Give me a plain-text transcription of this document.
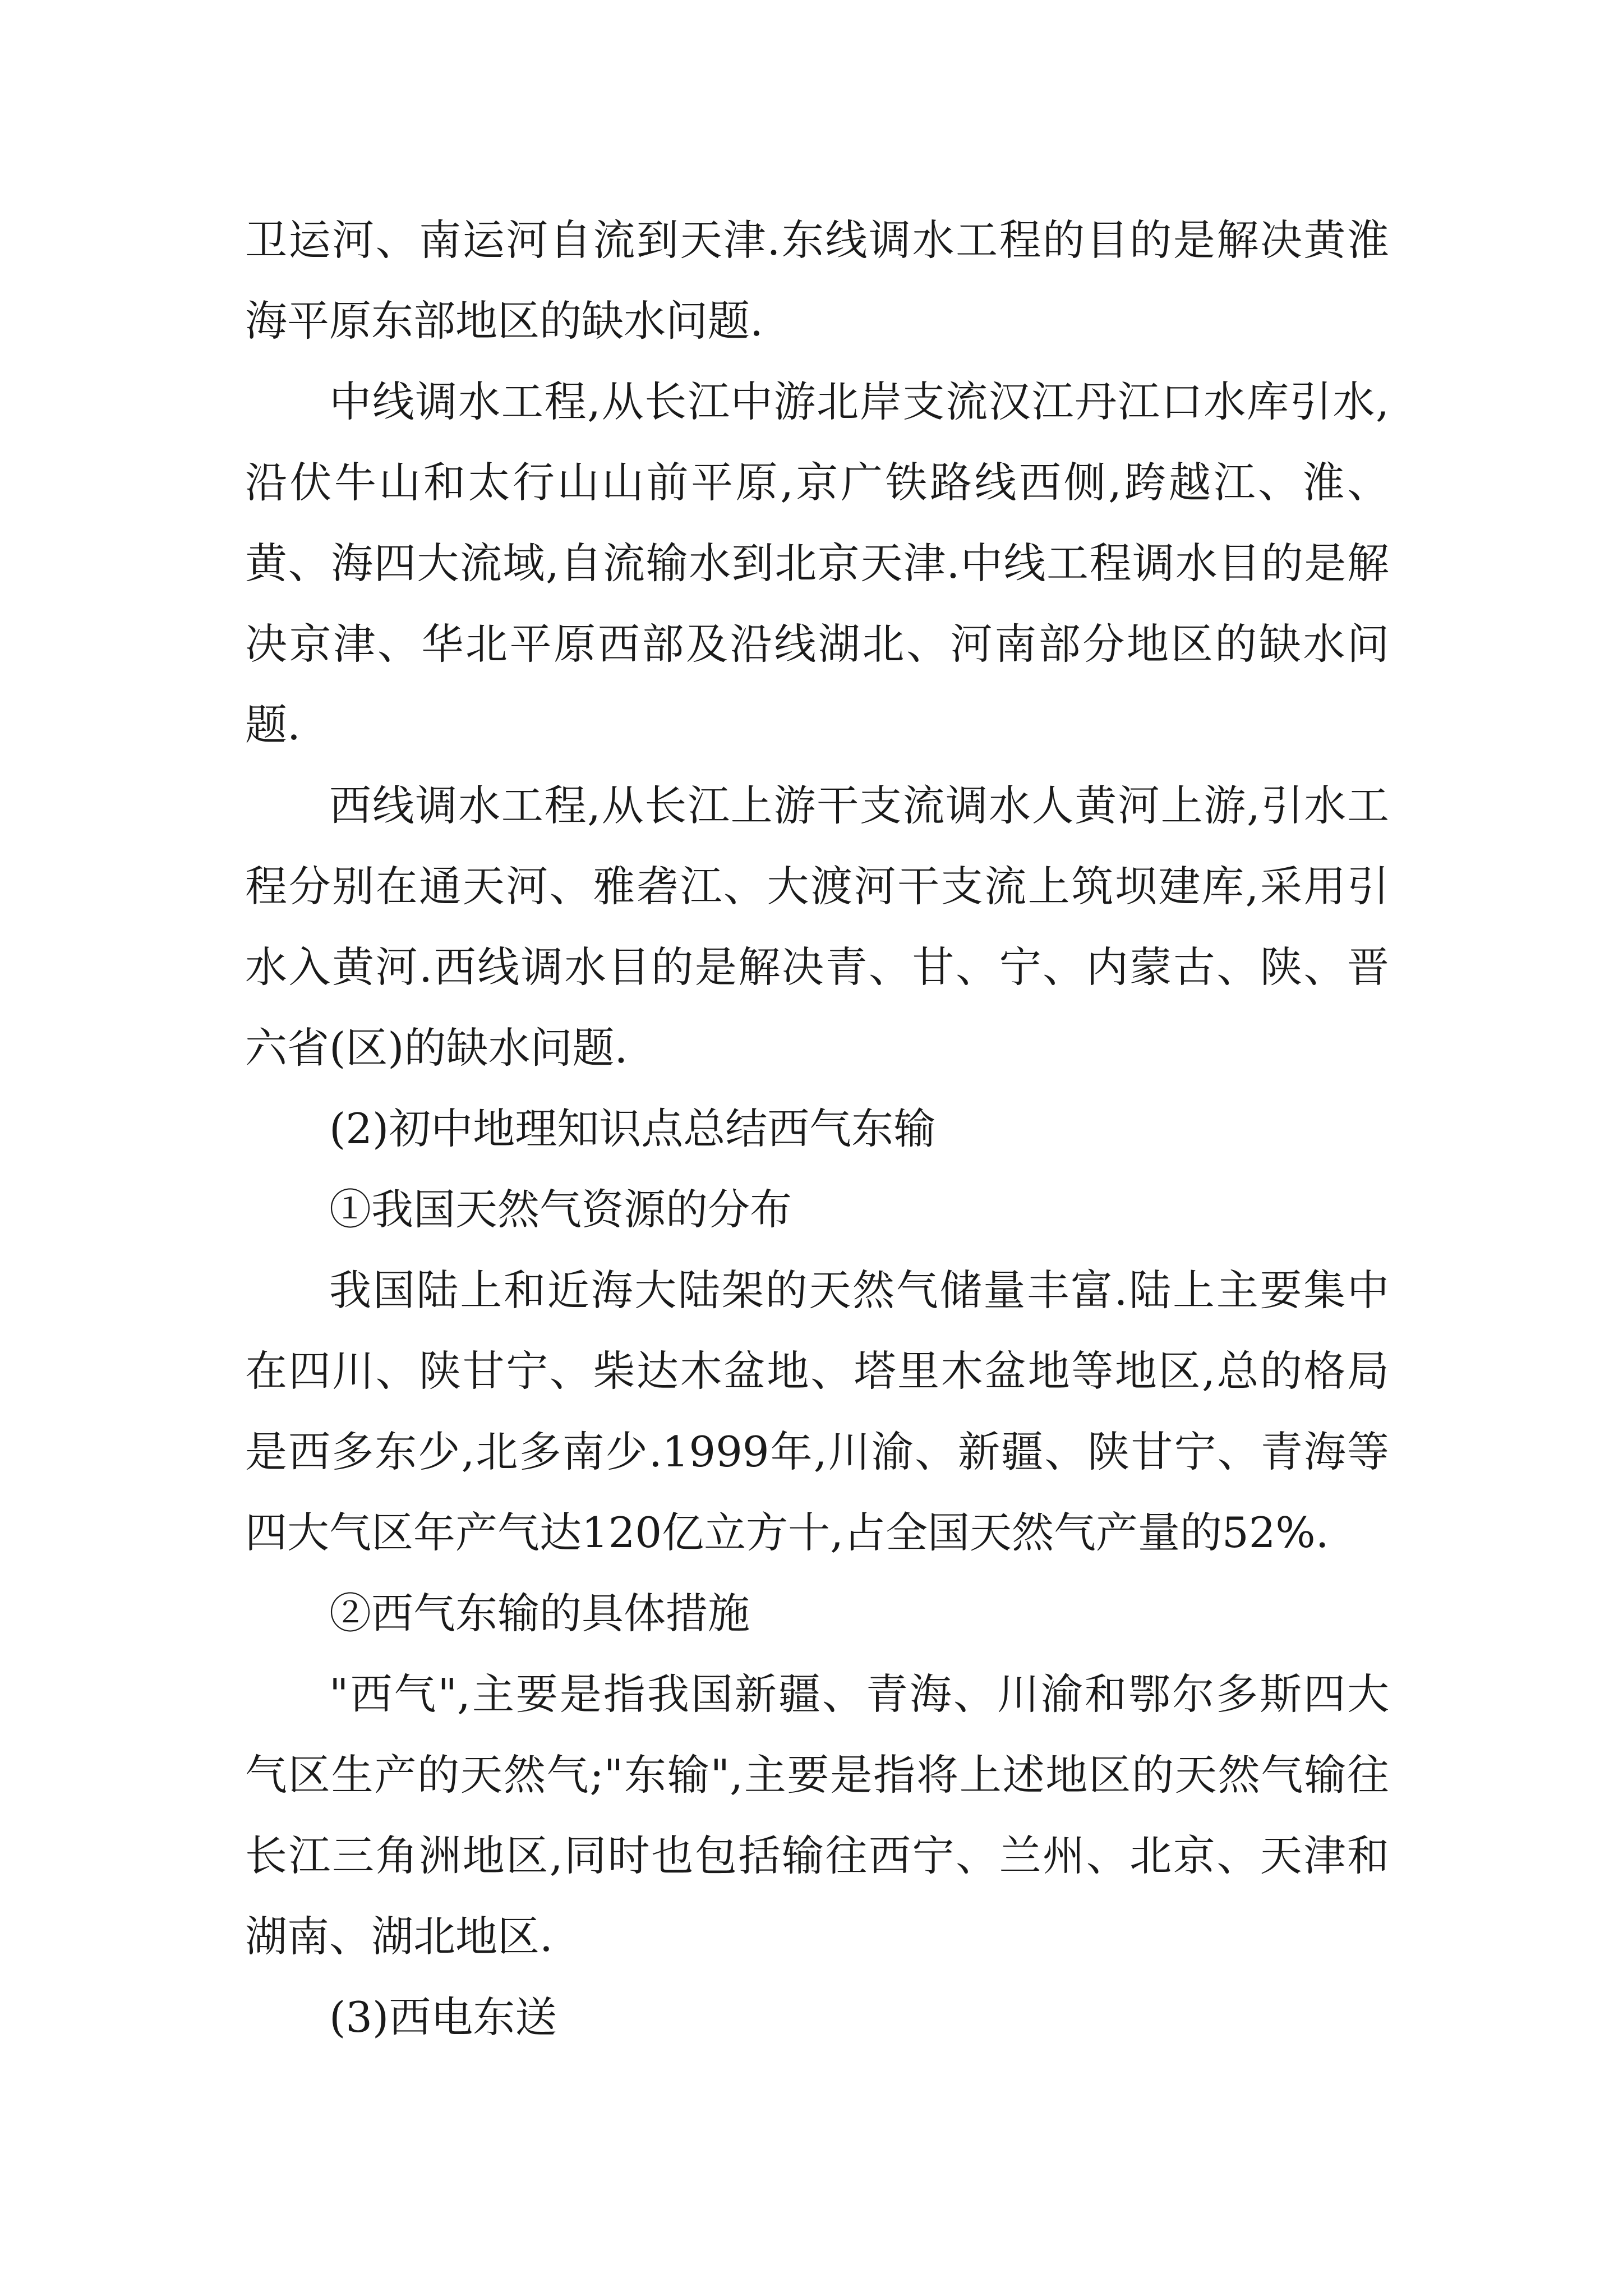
卫运河、南运河自流到天津.东线调水工程的目的是解决黄淮海平原东部地区的缺水问题.

中线调水工程,从长江中游北岸支流汉江丹江口水库引水,沿伏牛山和太行山山前平原,京广铁路线西侧,跨越江、淮、黄、海四大流域,自流输水到北京天津.中线工程调水目的是解决京津、华北平原西部及沿线湖北、河南部分地区的缺水问题.

西线调水工程,从长江上游干支流调水人黄河上游,引水工程分别在通天河、雅砻江、大渡河干支流上筑坝建库,采用引水入黄河.西线调水目的是解决青、甘、宁、内蒙古、陕、晋六省(区)的缺水问题.

(2)初中地理知识点总结西气东输

①我国天然气资源的分布

我国陆上和近海大陆架的天然气储量丰富.陆上主要集中在四川、陕甘宁、柴达木盆地、塔里木盆地等地区,总的格局是西多东少,北多南少.1999年,川渝、新疆、陕甘宁、青海等四大气区年产气达120亿立方十,占全国天然气产量的52%.

②西气东输的具体措施

"西气",主要是指我国新疆、青海、川渝和鄂尔多斯四大气区生产的天然气;"东输",主要是指将上述地区的天然气输往长江三角洲地区,同时也包括输往西宁、兰州、北京、天津和湖南、湖北地区.

(3)西电东送
